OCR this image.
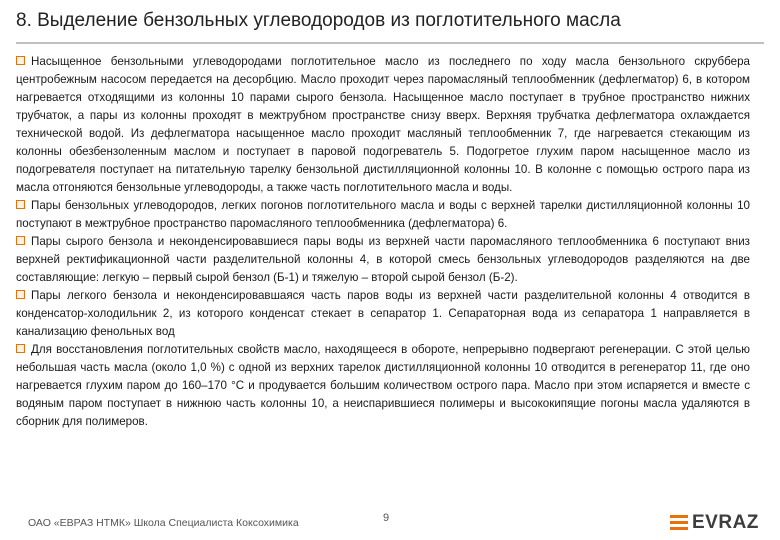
8. Выделение бензольных углеводородов из поглотительного масла

Насыщенное бензольными углеводородами поглотительное масло из последнего по ходу масла бензольного скруббера центробежным насосом передается на десорбцию. Масло проходит через паромасляный теплообменник (дефлегматор) 6, в котором нагревается отходящими из колонны 10 парами сырого бензола. Насыщенное масло поступает в трубное пространство нижних трубчаток, а пары из колонны проходят в межтрубном пространстве снизу вверх. Верхняя трубчатка дефлегматора охлаждается технической водой. Из дефлегматора насыщенное масло проходит масляный теплообменник 7, где нагревается стекающим из колонны обезбензоленным маслом и поступает в паровой подогреватель 5. Подогретое глухим паром насыщенное масло из подогревателя поступает на питательную тарелку бензольной дистилляционной колонны 10. В колонне с помощью острого пара из масла отгоняются бензольные углеводороды, а также часть поглотительного масла и воды.

Пары бензольных углеводородов, легких погонов поглотительного масла и воды с верхней тарелки дистилляционной колонны 10 поступают в межтрубное пространство паромасляного теплообменника (дефлегматора) 6.

Пары сырого бензола и неконденсировавшиеся пары воды из верхней части паромасляного теплообменника 6 поступают вниз верхней ректификационной части разделительной колонны 4, в которой смесь бензольных углеводородов разделяются на две составляющие: легкую – первый сырой бензол (Б-1) и тяжелую – второй сырой бензол (Б-2).

Пары легкого бензола и неконденсировавшаяся часть паров воды из верхней части разделительной колонны 4 отводится в конденсатор-холодильник 2, из которого конденсат стекает в сепаратор 1. Сепараторная вода из сепаратора 1 направляется в канализацию фенольных вод

Для восстановления поглотительных свойств масло, находящееся в обороте, непрерывно подвергают регенерации. С этой целью небольшая часть масла (около 1,0 %) с одной из верхних тарелок дистилляционной колонны 10 отводится в регенератор 11, где оно нагревается глухим паром до 160–170 °С и продувается большим количеством острого пара. Масло при этом испаряется и вместе с водяным паром поступает в нижнюю часть колонны 10, а неиспарившиеся полимеры и высококипящие погоны масла удаляются в сборник для полимеров.

ОАО «ЕВРАЗ НТМК» Школа Специалиста Коксохимика	9	EVRAZ
